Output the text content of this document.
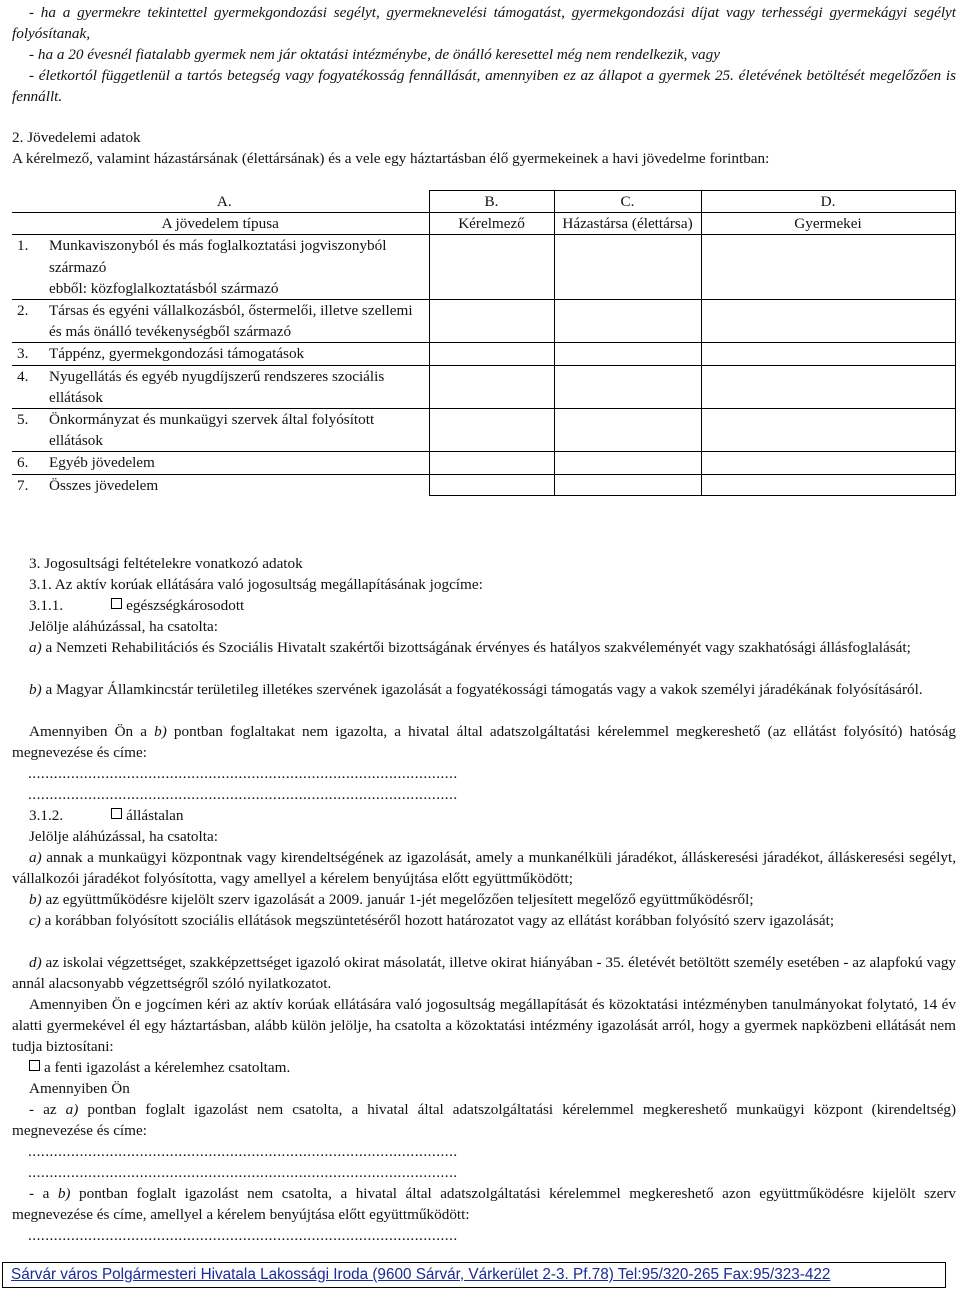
- ha a gyermekre tekintettel gyermekgondozási segélyt, gyermeknevelési támogatást, gyermekgondozási díjat vagy terhességi gyermekágyi segélyt folyósítanak,
- ha a 20 évesnél fiatalabb gyermek nem jár oktatási intézménybe, de önálló keresettel még nem rendelkezik, vagy
- életkortól függetlenül a tartós betegség vagy fogyatékosság fennállását, amennyiben ez az állapot a gyermek 25. életévének betöltését megelőzően is fennállt.
2. Jövedelemi adatok
A kérelmező, valamint házastársának (élettársának) és a vele egy háztartásban élő gyermekeinek a havi jövedelme forintban:
A.	B.	C.	D.
A jövedelem típusa	Kérelmező	Házastársa (élettársa)	Gyermekei

1. Munkaviszonyból és más foglalkoztatási jogviszonyból származó
ebből: közfoglalkoztatásból származó			

2. Társas és egyéni vállalkozásból, őstermelői, illetve szellemi és más önálló tevékenységből származó			

3. Táppénz, gyermekgondozási támogatások			

4. Nyugellátás és egyéb nyugdíjszerű rendszeres szociális ellátások			

5. Önkormányzat és munkaügyi szervek által folyósított ellátások			

6. Egyéb jövedelem			

7. Összes jövedelem			

3. Jogosultsági feltételekre vonatkozó adatok
3.1. Az aktív korúak ellátására való jogosultság megállapításának jogcíme:
3.1.1.	egészségkárosodott
Jelölje aláhúzással, ha csatolta:
a) a Nemzeti Rehabilitációs és Szociális Hivatalt szakértői bizottságának érvényes és hatályos szakvéleményét vagy szakhatósági állásfoglalását;
b) a Magyar Államkincstár területileg illetékes szervének igazolását a fogyatékossági támogatás vagy a vakok személyi járadékának folyósításáról.
Amennyiben Ön a b) pontban foglaltakat nem igazolta, a hivatal által adatszolgáltatási kérelemmel megkereshető (az ellátást folyósító) hatóság megnevezése és címe:
....................................................................................................
....................................................................................................
3.1.2.	állástalan
Jelölje aláhúzással, ha csatolta:
a) annak a munkaügyi központnak vagy kirendeltségének az igazolását, amely a munkanélküli járadékot, álláskeresési járadékot, álláskeresési segélyt, vállalkozói járadékot folyósította, vagy amellyel a kérelem benyújtása előtt együttműködött;
b) az együttműködésre kijelölt szerv igazolását a 2009. január 1-jét megelőzően teljesített megelőző együttműködésről;
c) a korábban folyósított szociális ellátások megszüntetéséről hozott határozatot vagy az ellátást korábban folyósító szerv igazolását;
d) az iskolai végzettséget, szakképzettséget igazoló okirat másolatát, illetve okirat hiányában - 35. életévét betöltött személy esetében - az alapfokú vagy annál alacsonyabb végzettségről szóló nyilatkozatot.
Amennyiben Ön e jogcímen kéri az aktív korúak ellátására való jogosultság megállapítását és közoktatási intézményben tanulmányokat folytató, 14 év alatti gyermekével él egy háztartásban, alább külön jelölje, ha csatolta a közoktatási intézmény igazolását arról, hogy a gyermek napközbeni ellátását nem tudja biztosítani:
a fenti igazolást a kérelemhez csatoltam.
Amennyiben Ön
- az a) pontban foglalt igazolást nem csatolta, a hivatal által adatszolgáltatási kérelemmel megkereshető munkaügyi központ (kirendeltség) megnevezése és címe:
....................................................................................................
....................................................................................................
- a b) pontban foglalt igazolást nem csatolta, a hivatal által adatszolgáltatási kérelemmel megkereshető azon együttműködésre kijelölt szerv megnevezése és címe, amellyel a kérelem benyújtása előtt együttműködött:
....................................................................................................
Sárvár város Polgármesteri Hivatala Lakossági Iroda (9600 Sárvár, Várkerület 2-3. Pf.78) Tel:95/320-265 Fax:95/323-422
